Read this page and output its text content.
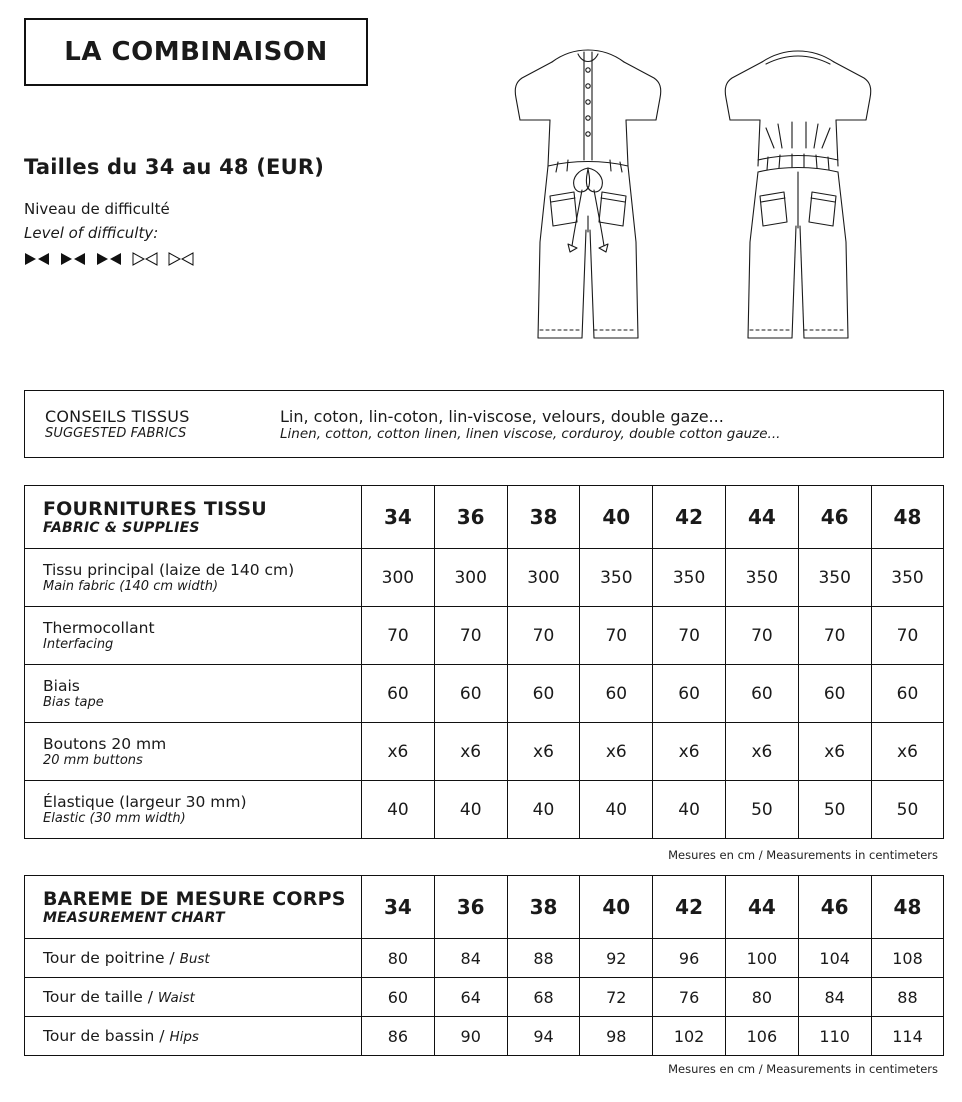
LA COMBINAISON
Tailles du 34 au 48 (EUR)
Niveau de difficulté
Level of difficulty:
CONSEILS TISSUS
SUGGESTED FABRICS
Lin, coton, lin-coton, lin-viscose, velours, double gaze...
Linen, cotton, cotton linen, linen viscose, corduroy, double cotton gauze...
FOURNITURES TISSU
FABRIC & SUPPLIES	34	36	38	40	42	44	46	48

Tissu principal (laize de 140 cm)
Main fabric (140 cm width)	300	300	300	350	350	350	350	350

Thermocollant
Interfacing	70	70	70	70	70	70	70	70

Biais
Bias tape	60	60	60	60	60	60	60	60

Boutons 20 mm
20 mm buttons	x6	x6	x6	x6	x6	x6	x6	x6

Élastique (largeur 30 mm)
Elastic (30 mm width)	40	40	40	40	40	50	50	50
Mesures en cm / Measurements in centimeters
BAREME DE MESURE CORPS
MEASUREMENT CHART	34	36	38	40	42	44	46	48
Tour de poitrine / Bust	80	84	88	92	96	100	104	108
Tour de taille / Waist	60	64	68	72	76	80	84	88
Tour de bassin / Hips	86	90	94	98	102	106	110	114
Mesures en cm / Measurements in centimeters
